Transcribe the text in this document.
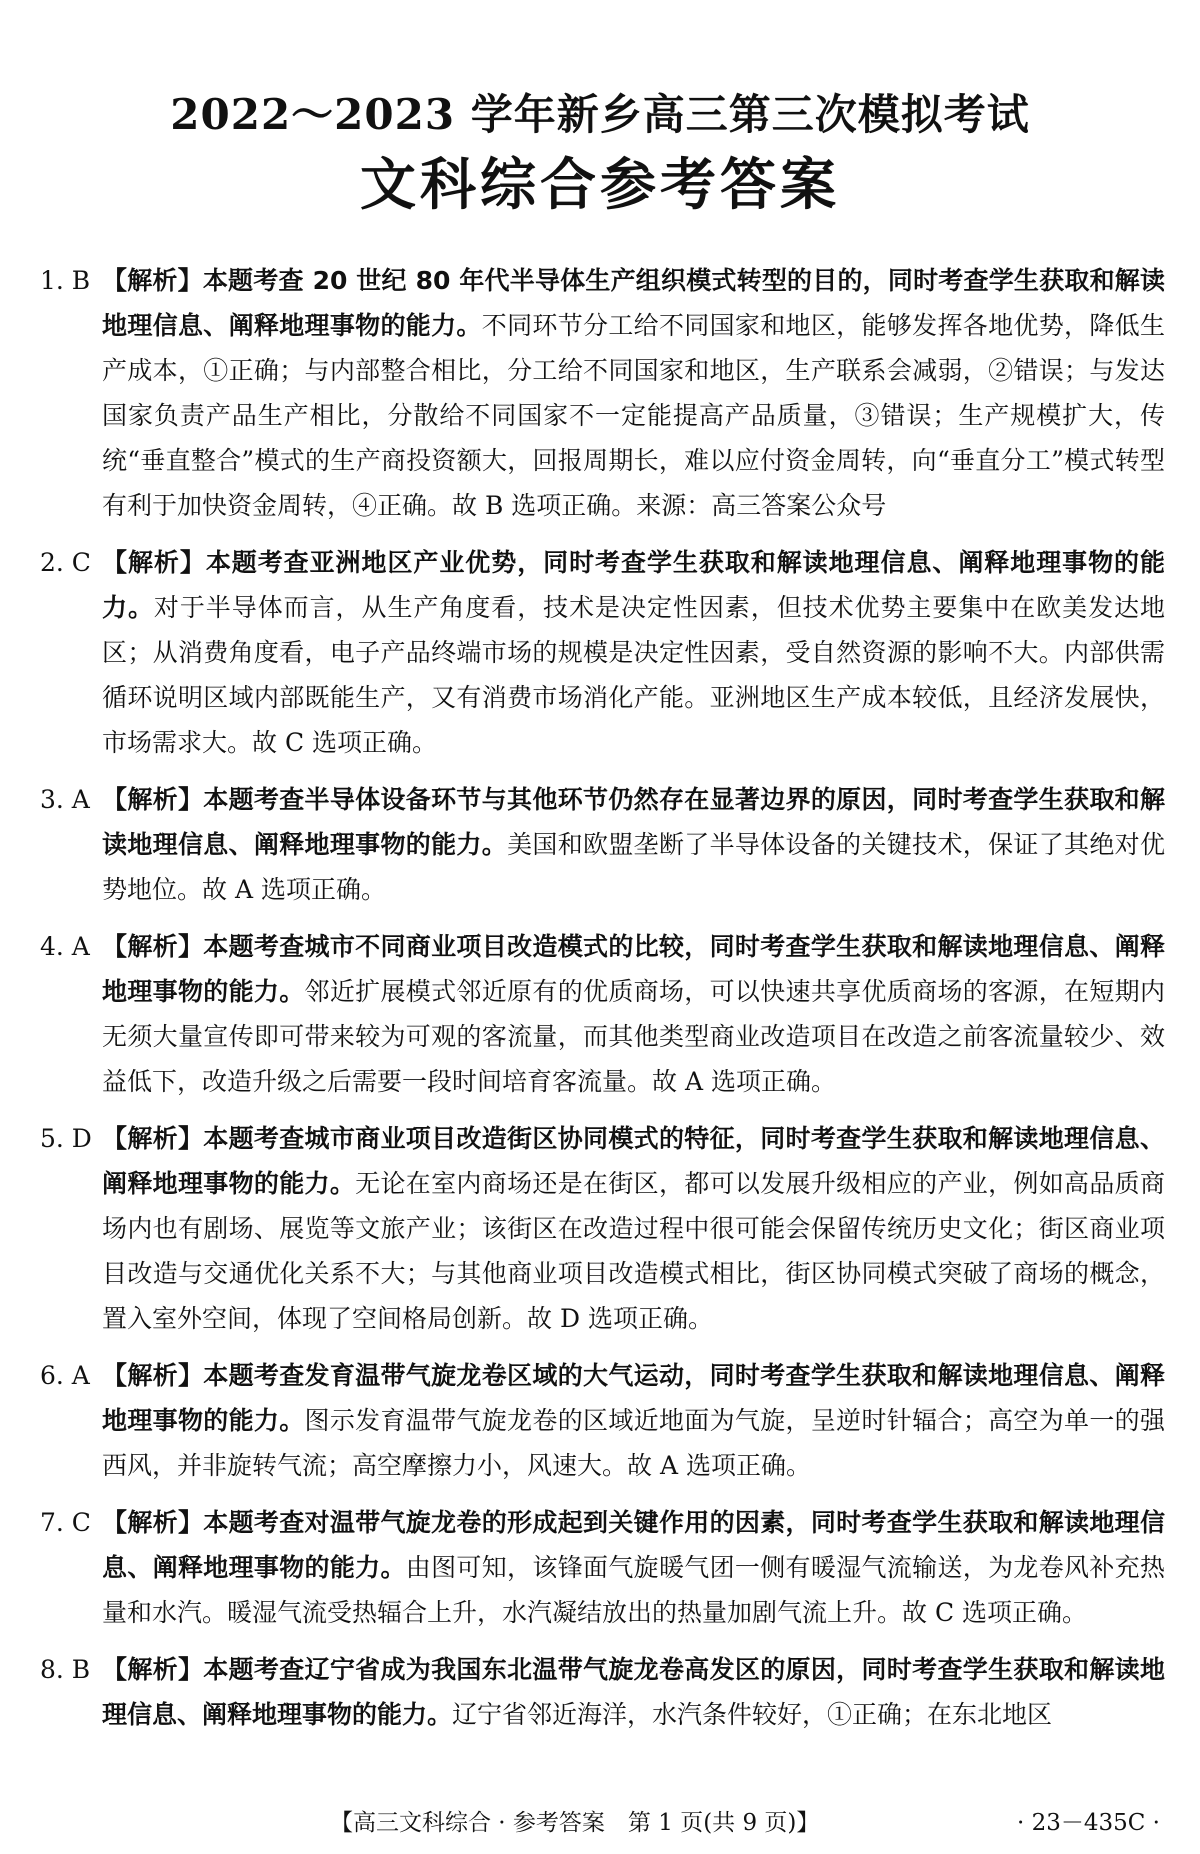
2022～2023 学年新乡高三第三次模拟考试
文科综合参考答案
1. B 【解析】本题考查 20 世纪 80 年代半导体生产组织模式转型的目的，同时考查学生获取和解读地理信息、阐释地理事物的能力。不同环节分工给不同国家和地区，能够发挥各地优势，降低生产成本，①正确；与内部整合相比，分工给不同国家和地区，生产联系会减弱，②错误；与发达国家负责产品生产相比，分散给不同国家不一定能提高产品质量，③错误；生产规模扩大，传统“垂直整合”模式的生产商投资额大，回报周期长，难以应付资金周转，向“垂直分工”模式转型有利于加快资金周转，④正确。故 B 选项正确。来源：高三答案公众号
2. C 【解析】本题考查亚洲地区产业优势，同时考查学生获取和解读地理信息、阐释地理事物的能力。对于半导体而言，从生产角度看，技术是决定性因素，但技术优势主要集中在欧美发达地区；从消费角度看，电子产品终端市场的规模是决定性因素，受自然资源的影响不大。内部供需循环说明区域内部既能生产，又有消费市场消化产能。亚洲地区生产成本较低，且经济发展快，市场需求大。故 C 选项正确。
3. A 【解析】本题考查半导体设备环节与其他环节仍然存在显著边界的原因，同时考查学生获取和解读地理信息、阐释地理事物的能力。美国和欧盟垄断了半导体设备的关键技术，保证了其绝对优势地位。故 A 选项正确。
4. A 【解析】本题考查城市不同商业项目改造模式的比较，同时考查学生获取和解读地理信息、阐释地理事物的能力。邻近扩展模式邻近原有的优质商场，可以快速共享优质商场的客源，在短期内无须大量宣传即可带来较为可观的客流量，而其他类型商业改造项目在改造之前客流量较少、效益低下，改造升级之后需要一段时间培育客流量。故 A 选项正确。
5. D 【解析】本题考查城市商业项目改造街区协同模式的特征，同时考查学生获取和解读地理信息、阐释地理事物的能力。无论在室内商场还是在街区，都可以发展升级相应的产业，例如高品质商场内也有剧场、展览等文旅产业；该街区在改造过程中很可能会保留传统历史文化；街区商业项目改造与交通优化关系不大；与其他商业项目改造模式相比，街区协同模式突破了商场的概念，置入室外空间，体现了空间格局创新。故 D 选项正确。
6. A 【解析】本题考查发育温带气旋龙卷区域的大气运动，同时考查学生获取和解读地理信息、阐释地理事物的能力。图示发育温带气旋龙卷的区域近地面为气旋，呈逆时针辐合；高空为单一的强西风，并非旋转气流；高空摩擦力小，风速大。故 A 选项正确。
7. C 【解析】本题考查对温带气旋龙卷的形成起到关键作用的因素，同时考查学生获取和解读地理信息、阐释地理事物的能力。由图可知，该锋面气旋暖气团一侧有暖湿气流输送，为龙卷风补充热量和水汽。暖湿气流受热辐合上升，水汽凝结放出的热量加剧气流上升。故 C 选项正确。
8. B 【解析】本题考查辽宁省成为我国东北温带气旋龙卷高发区的原因，同时考查学生获取和解读地理信息、阐释地理事物的能力。辽宁省邻近海洋，水汽条件较好，①正确；在东北地区
【高三文科综合 · 参考答案　第 1 页(共 9 页)】	· 23－435C ·
